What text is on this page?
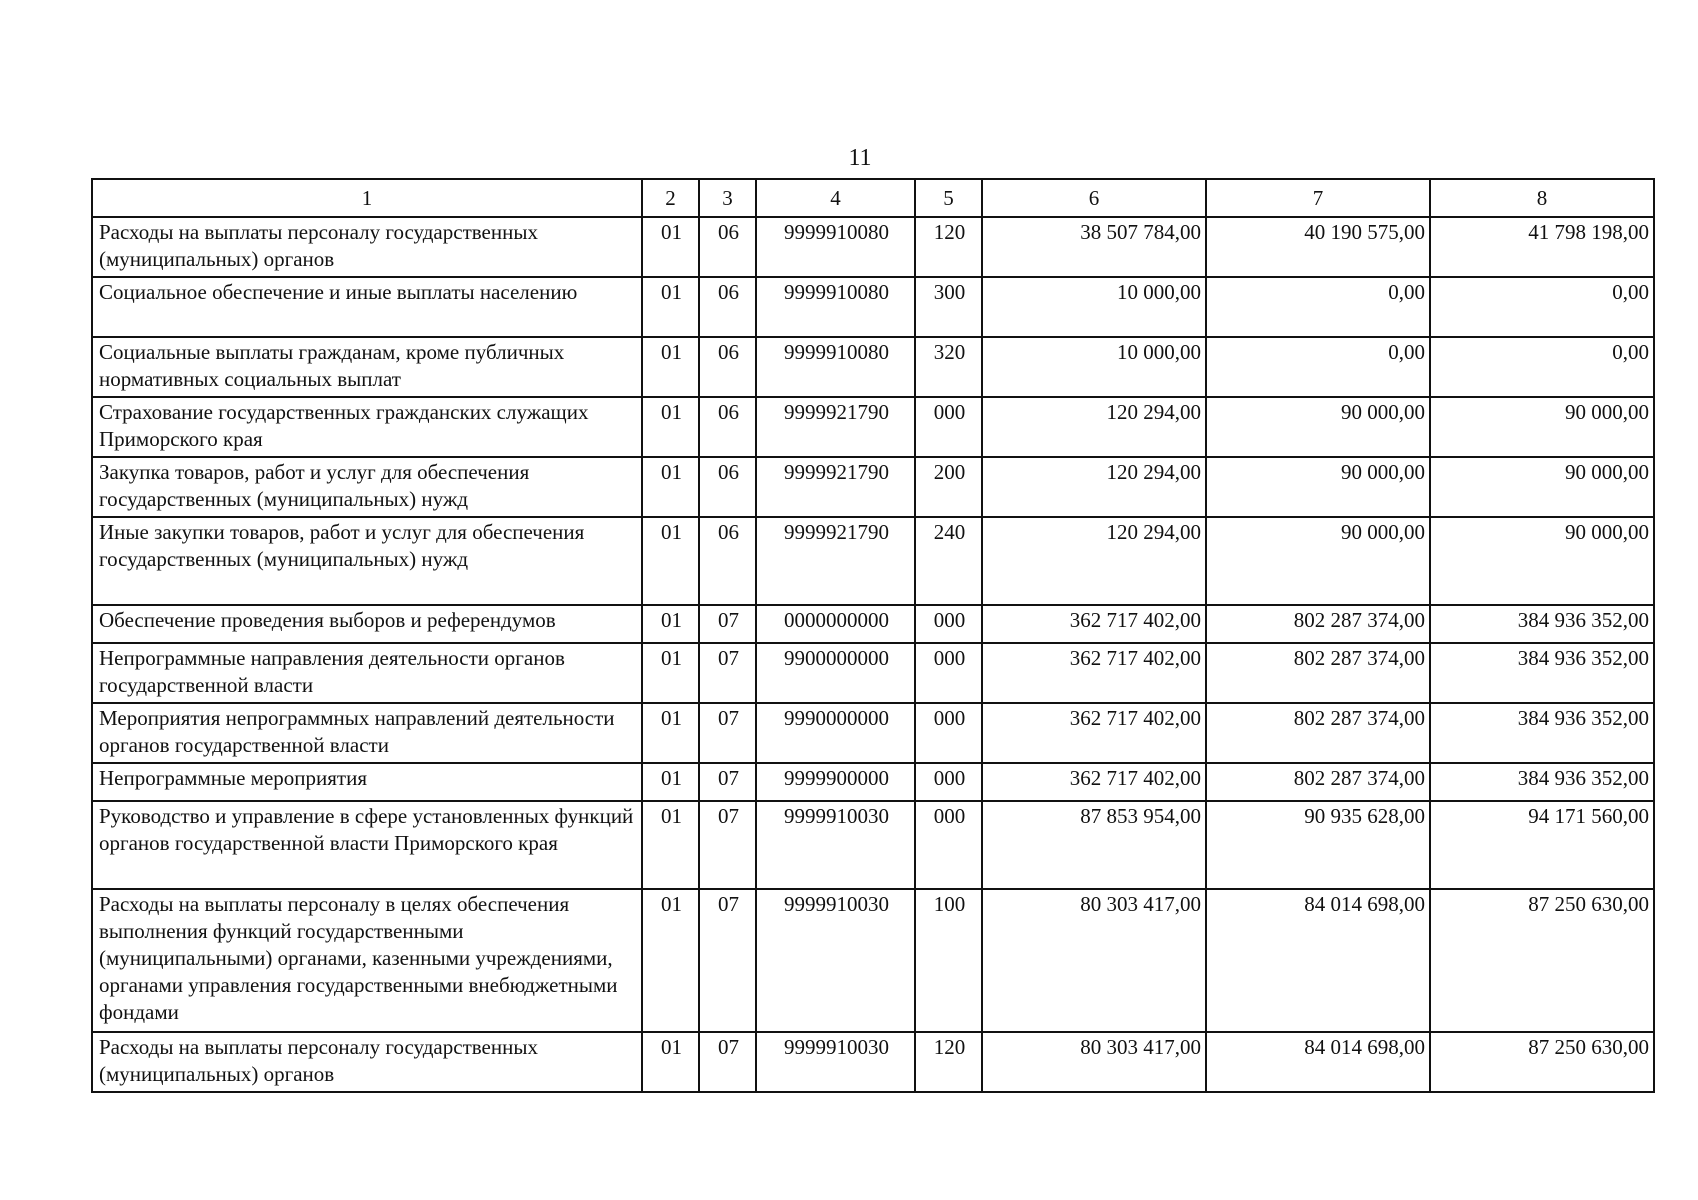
11
1	2	3	4	5	6	7	8
Расходы на выплаты персоналу государственных (муниципальных) органов	01	06	9999910080	120	38 507 784,00	40 190 575,00	41 798 198,00
Социальное обеспечение и иные выплаты населению	01	06	9999910080	300	10 000,00	0,00	0,00
Социальные выплаты гражданам, кроме публичных нормативных социальных выплат	01	06	9999910080	320	10 000,00	0,00	0,00
Страхование государственных гражданских служащих Приморского края	01	06	9999921790	000	120 294,00	90 000,00	90 000,00
Закупка товаров, работ и услуг для обеспечения государственных (муниципальных) нужд	01	06	9999921790	200	120 294,00	90 000,00	90 000,00
Иные закупки товаров, работ и услуг для обеспечения государственных (муниципальных) нужд	01	06	9999921790	240	120 294,00	90 000,00	90 000,00
Обеспечение проведения выборов и референдумов	01	07	0000000000	000	362 717 402,00	802 287 374,00	384 936 352,00
Непрограммные направления деятельности органов государственной власти	01	07	9900000000	000	362 717 402,00	802 287 374,00	384 936 352,00
Мероприятия непрограммных направлений деятельности органов государственной власти	01	07	9990000000	000	362 717 402,00	802 287 374,00	384 936 352,00
Непрограммные мероприятия	01	07	9999900000	000	362 717 402,00	802 287 374,00	384 936 352,00
Руководство и управление в сфере установленных функций органов государственной власти Приморского края	01	07	9999910030	000	87 853 954,00	90 935 628,00	94 171 560,00
Расходы на выплаты персоналу в целях обеспечения выполнения функций государственными (муниципальными) органами, казенными учреждениями, органами управления государственными внебюджетными фондами	01	07	9999910030	100	80 303 417,00	84 014 698,00	87 250 630,00
Расходы на выплаты персоналу государственных (муниципальных) органов	01	07	9999910030	120	80 303 417,00	84 014 698,00	87 250 630,00
